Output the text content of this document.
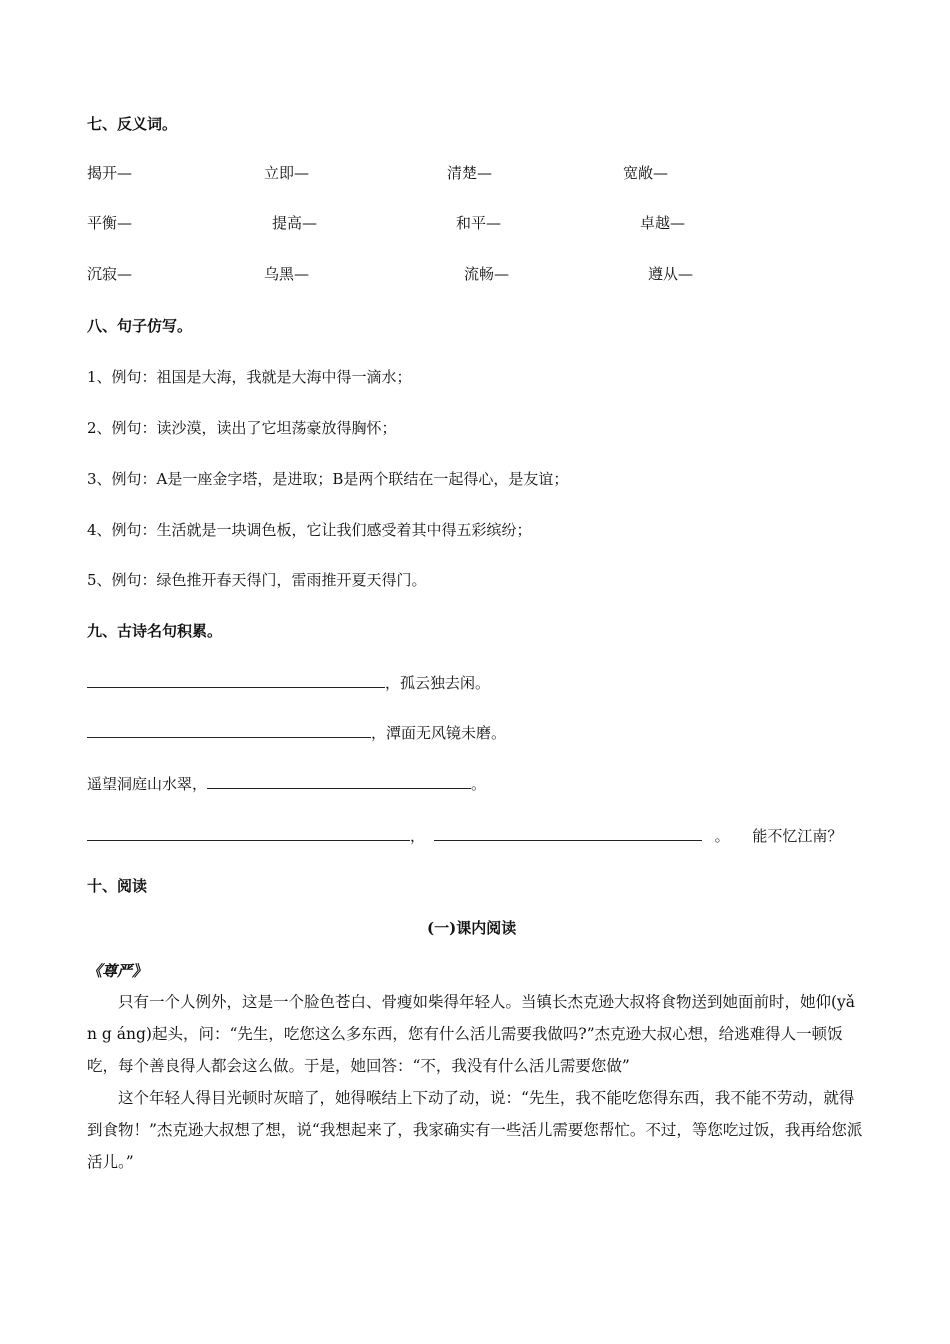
七、反义词。
揭开—	立即—	清楚—	宽敞—
平衡—	提高—	和平—	卓越—
沉寂—	乌黑—	流畅—	遵从—
八、句子仿写。
1、例句：祖国是大海，我就是大海中得一滴水；
2、例句：读沙漠，读出了它坦荡豪放得胸怀；
3、例句：A是一座金字塔，是进取；B是两个联结在一起得心，是友谊；
4、例句：生活就是一块调色板，它让我们感受着其中得五彩缤纷；
5、例句：绿色推开春天得门，雷雨推开夏天得门。
九、古诗名句积累。
，孤云独去闲。
，潭面无风镜未磨。
遥望洞庭山水翠，	。
，	。 能不忆江南？
十、阅读
(一)课内阅读
《尊严》

只有一个人例外，这是一个脸色苍白、骨瘦如柴得年轻人。当镇长杰克逊大叔将食物送到她面前时，她仰(yǎ n g áng)起头，问：“先生，吃您这么多东西，您有什么活儿需要我做吗?”杰克逊大叔心想，给逃难得人一顿饭吃，每个善良得人都会这么做。于是，她回答：“不，我没有什么活儿需要您做”

这个年轻人得目光顿时灰暗了，她得喉结上下动了动，说：“先生，我不能吃您得东西，我不能不劳动，就得到食物！”杰克逊大叔想了想，说“我想起来了，我家确实有一些活儿需要您帮忙。不过，等您吃过饭，我再给您派活儿。”
